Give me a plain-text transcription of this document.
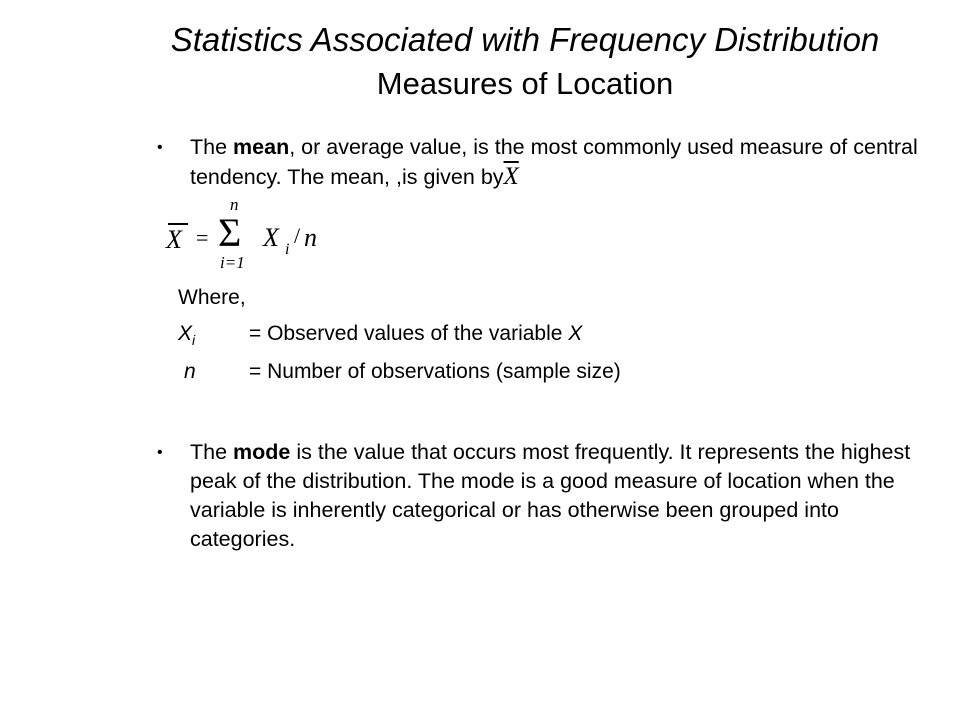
Statistics Associated with Frequency Distribution
Measures of Location
• The mean, or average value, is the most commonly used measure of central tendency. The mean, ,is given $by\overline{X}$
X =
n
Σ
i=1
X i
/ n
Where,
$X_i$	= Observed values of the variable X
n	= Number of observations (sample size)
• The mode is the value that occurs most frequently. It represents the highest peak of the distribution. The mode is a good measure of location when the variable is inherently categorical or has otherwise been grouped into categories.
